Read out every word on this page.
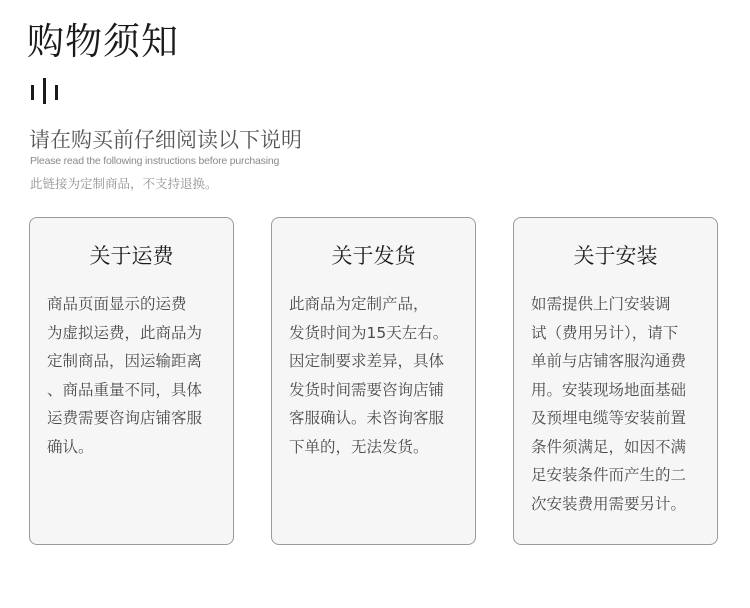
购物须知
请在购买前仔细阅读以下说明
Please read the following instructions before purchasing
此链接为定制商品，不支持退换。
关于运费

商品页面显示的运费
为虚拟运费，此商品为
定制商品，因运输距离
、商品重量不同，具体
运费需要咨询店铺客服
确认。

关于发货

此商品为定制产品，
发货时间为15天左右。
因定制要求差异，具体
发货时间需要咨询店铺
客服确认。未咨询客服
下单的，无法发货。

关于安装

如需提供上门安装调
试（费用另计），请下
单前与店铺客服沟通费
用。安装现场地面基础
及预埋电缆等安装前置
条件须满足，如因不满
足安装条件而产生的二
次安装费用需要另计。
